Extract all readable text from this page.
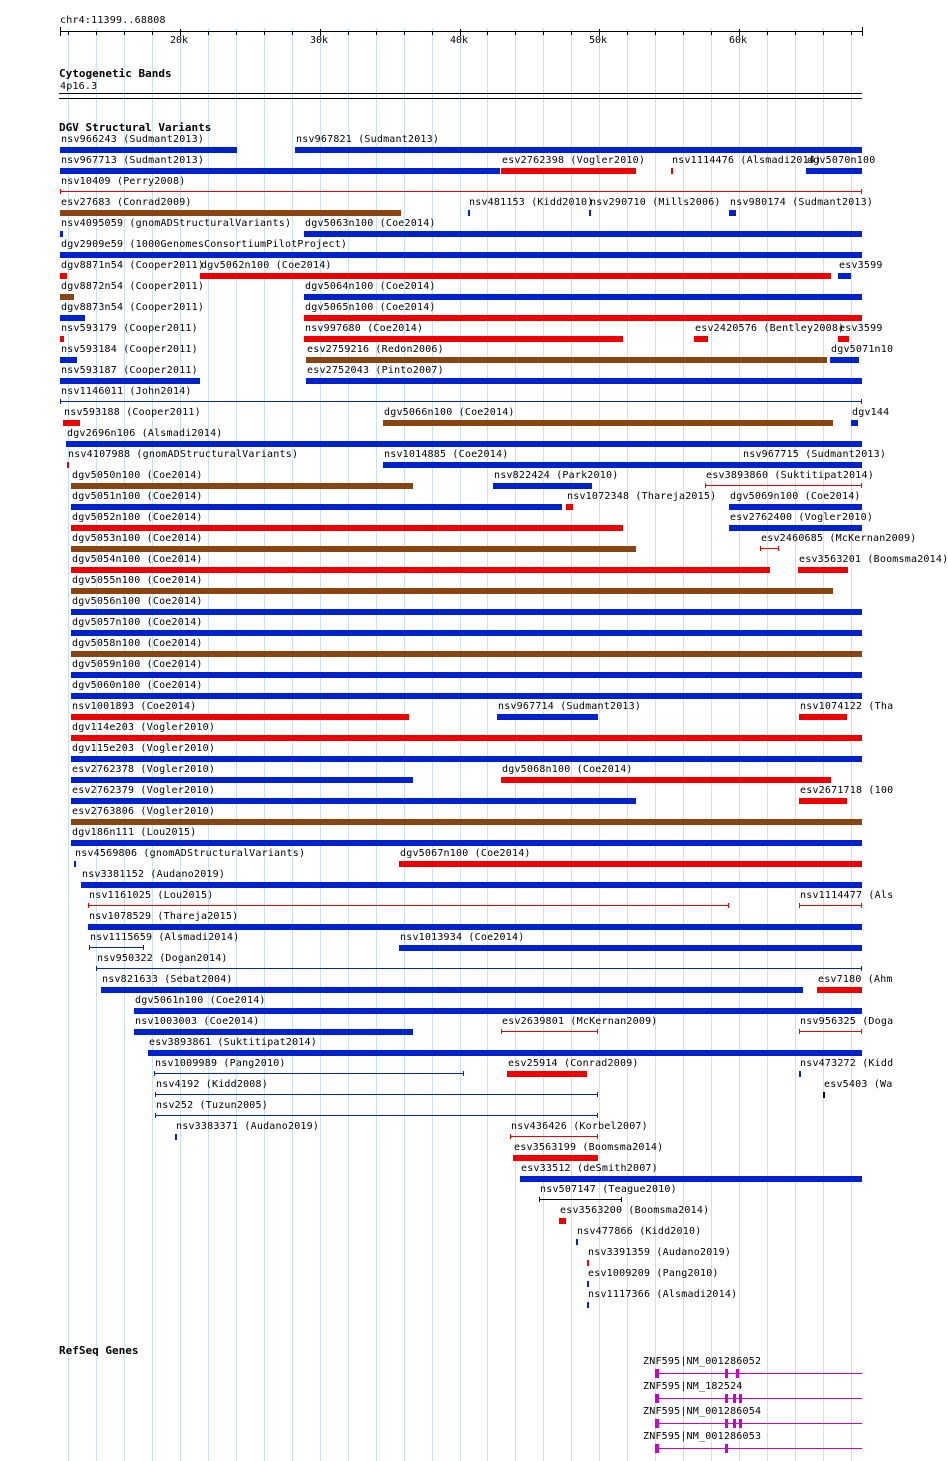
chr4:11399..68808
20k	30k	40k	50k	60k
Cytogenetic Bands
4p16.3
DGV Structural Variants
nsv966243 (Sudmant2013)	nsv967821 (Sudmant2013)
nsv967713 (Sudmant2013)	esv2762398 (Vogler2010)	nsv1114476 (Alsmadi2014)
dgv5070n100
nsv10409 (Perry2008)
esv27683 (Conrad2009)	nsv481153 (Kidd2010)
nsv290710 (Mills2006) nsv980174 (Sudmant2013)
nsv4095059 (gnomADStructuralVariants) dgv5063n100 (Coe2014)
dgv2909e59 (1000GenomesConsortiumPilotProject)
dgv8871n54 (Cooper2011)
dgv5062n100 (Coe2014)	esv3599
dgv8872n54 (Cooper2011)	dgv5064n100 (Coe2014)
dgv8873n54 (Cooper2011)	dgv5065n100 (Coe2014)
nsv593179 (Cooper2011)	nsv997680 (Coe2014)	esv2420576 (Bentley2008)
esv3599
nsv593184 (Cooper2011)	esv2759216 (Redon2006)	dgv5071n10
nsv593187 (Cooper2011)	esv2752043 (Pinto2007)
nsv1146011 (John2014)
nsv593188 (Cooper2011)	dgv5066n100 (Coe2014)	dgv144
dgv2696n106 (Alsmadi2014)
nsv4107988 (gnomADStructuralVariants)	nsv1014885 (Coe2014)	nsv967715 (Sudmant2013)
dgv5050n100 (Coe2014)	nsv822424 (Park2010)	esv3893860 (Suktitipat2014)
dgv5051n100 (Coe2014)	nsv1072348 (Thareja2015) dgv5069n100 (Coe2014)
dgv5052n100 (Coe2014)	esv2762400 (Vogler2010)
dgv5053n100 (Coe2014)	esv2460685 (McKernan2009)
dgv5054n100 (Coe2014)	esv3563201 (Boomsma2014)
dgv5055n100 (Coe2014)
dgv5056n100 (Coe2014)
dgv5057n100 (Coe2014)
dgv5058n100 (Coe2014)
dgv5059n100 (Coe2014)
dgv5060n100 (Coe2014)
nsv1001893 (Coe2014)	nsv967714 (Sudmant2013)	nsv1074122 (Tha
dgv114e203 (Vogler2010)
dgv115e203 (Vogler2010)
esv2762378 (Vogler2010)	dgv5068n100 (Coe2014)
esv2762379 (Vogler2010)	esv2671718 (100
esv2763806 (Vogler2010)
dgv186n111 (Lou2015)
nsv4569806 (gnomADStructuralVariants)	dgv5067n100 (Coe2014)
nsv3381152 (Audano2019)
nsv1161025 (Lou2015)	nsv1114477 (Als
nsv1078529 (Thareja2015)
nsv1115659 (Alsmadi2014)	nsv1013934 (Coe2014)
nsv950322 (Dogan2014)
nsv821633 (Sebat2004)	esv7180 (Ahm
dgv5061n100 (Coe2014)
nsv1003003 (Coe2014)	esv2639801 (McKernan2009)	nsv956325 (Doga
esv3893861 (Suktitipat2014)
nsv1009989 (Pang2010)	esv25914 (Conrad2009)	nsv473272 (Kidd
nsv4192 (Kidd2008)	esv5403 (Wa
nsv252 (Tuzun2005)
nsv3383371 (Audano2019)	nsv436426 (Korbel2007)
esv3563199 (Boomsma2014)
esv33512 (deSmith2007)
nsv507147 (Teague2010)
esv3563200 (Boomsma2014)
nsv477866 (Kidd2010)
nsv3391359 (Audano2019)
esv1009209 (Pang2010)
nsv1117366 (Alsmadi2014)
RefSeq Genes
ZNF595|NM_001286052
ZNF595|NM_182524
ZNF595|NM_001286054
ZNF595|NM_001286053
